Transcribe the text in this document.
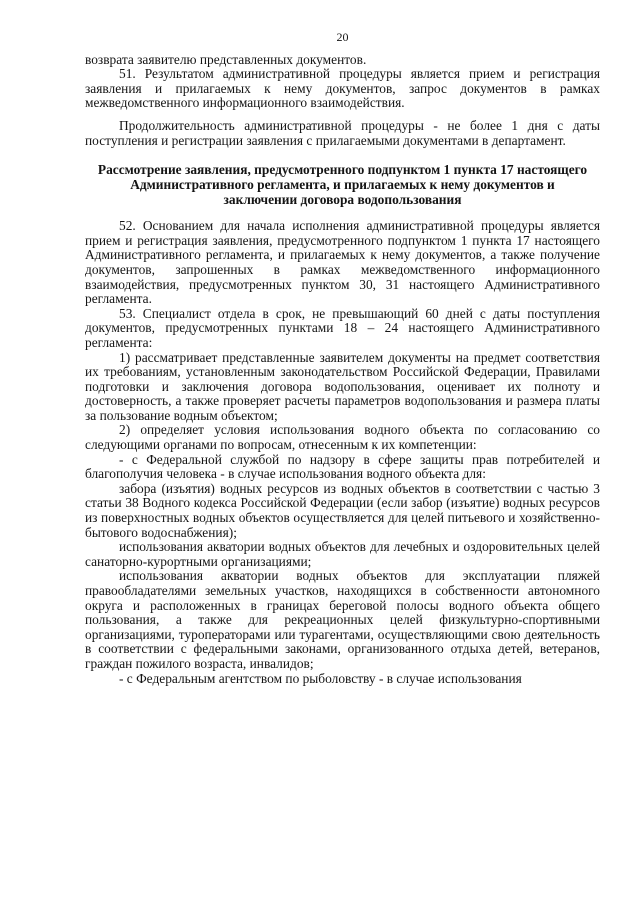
20

возврата заявителю представленных документов.

51. Результатом административной процедуры является прием и регистрация заявления и прилагаемых к нему документов, запрос документов в рамках межведомственного информационного взаимодействия.

Продолжительность административной процедуры - не более 1 дня с даты поступления и регистрации заявления с прилагаемыми документами в департамент.

Рассмотрение заявления, предусмотренного подпунктом 1 пункта 17 настоящего Административного регламента, и прилагаемых к нему документов и заключении договора водопользования

52. Основанием для начала исполнения административной процедуры является прием и регистрация заявления, предусмотренного подпунктом 1 пункта 17 настоящего Административного регламента, и прилагаемых к нему документов, а также получение документов, запрошенных в рамках межведомственного информационного взаимодействия, предусмотренных пунктом 30, 31 настоящего Административного регламента.

53. Специалист отдела в срок, не превышающий 60 дней с даты поступления документов, предусмотренных пунктами 18 – 24 настоящего Административного регламента:

1) рассматривает представленные заявителем документы на предмет соответствия их требованиям, установленным законодательством Российской Федерации, Правилами подготовки и заключения договора водопользования, оценивает их полноту и достоверность, а также проверяет расчеты параметров водопользования и размера платы за пользование водным объектом;

2) определяет условия использования водного объекта по согласованию со следующими органами по вопросам, отнесенным к их компетенции:

- с Федеральной службой по надзору в сфере защиты прав потребителей и благополучия человека - в случае использования водного объекта для:

забора (изъятия) водных ресурсов из водных объектов в соответствии с частью 3 статьи 38 Водного кодекса Российской Федерации (если забор (изъятие) водных ресурсов из поверхностных водных объектов осуществляется для целей питьевого и хозяйственно-бытового водоснабжения);

использования акватории водных объектов для лечебных и оздоровительных целей санаторно-курортными организациями;

использования акватории водных объектов для эксплуатации пляжей правообладателями земельных участков, находящихся в собственности автономного округа и расположенных в границах береговой полосы водного объекта общего пользования, а также для рекреационных целей физкультурно-спортивными организациями, туроператорами или турагентами, осуществляющими свою деятельность в соответствии с федеральными законами, организованного отдыха детей, ветеранов, граждан пожилого возраста, инвалидов;

- с Федеральным агентством по рыболовству - в случае использования
